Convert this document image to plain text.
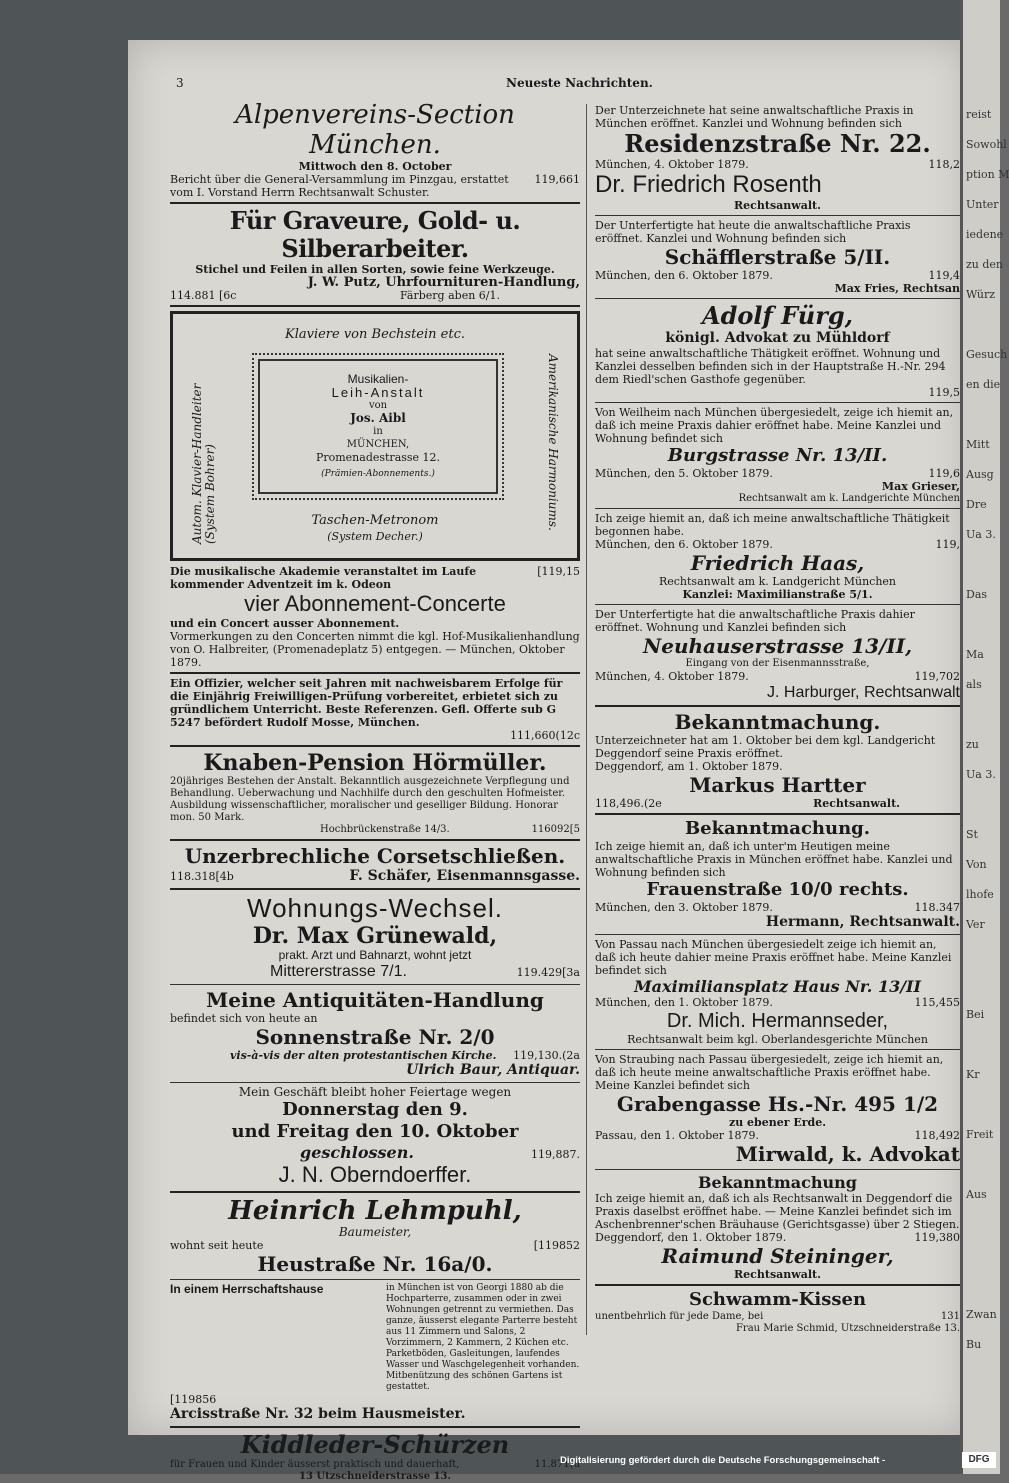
reist
Sowohl
ption M
Unter
iedene
zu den
Würz

Gesuch
en die

Mitt
Ausg
Dre
Ua 3.

Das

Ma
als

zu
Ua 3.

St
Von
lhofe
Ver

Bei

Kr

Freit

Aus

Zwan
Bu
3	Neueste Nachrichten.
Alpenvereins-Section München.
Mittwoch den 8. October
Bericht über die General-Versammlung im Pinzgau, erstattet vom I. Vorstand Herrn Rechtsanwalt Schuster.
119,661
Für Graveure, Gold- u. Silberarbeiter.
Stichel und Feilen in allen Sorten, sowie feine Werkzeuge.
J. W. Putz, Uhrfournituren-Handlung,
114.881 [6c	Färberg aben 6/1.
Klaviere von Bechstein etc.
Autom. Klavier-Handleiter (System Bohrer)	Amerikanische Harmoniums.
Musikalien-
Leih-Anstalt
von
Jos. Aibl
in
MÜNCHEN,
Promenadestrasse 12.
(Prämien-Abonnements.)
Taschen-Metronom
(System Decher.)
Die musikalische Akademie veranstaltet im Laufe kommender Adventzeit im k. Odeon
[119,15
vier Abonnement-Concerte
und ein Concert ausser Abonnement.
Vormerkungen zu den Concerten nimmt die kgl. Hof-Musikalienhandlung von O. Halbreiter, (Promenadeplatz 5) entgegen. — München, Oktober 1879.
Ein Offizier, welcher seit Jahren mit nachweisbarem Erfolge für die Einjährig Freiwilligen-Prüfung vorbereitet, erbietet sich zu gründlichem Unterricht. Beste Referenzen. Gefl. Offerte sub G 5247 befördert Rudolf Mosse, München.
111,660(12c
Knaben-Pension Hörmüller.
20jähriges Bestehen der Anstalt. Bekanntlich ausgezeichnete Verpflegung und Behandlung. Ueberwachung und Nachhilfe durch den geschulten Hofmeister. Ausbildung wissenschaftlicher, moralischer und geselliger Bildung. Honorar mon. 50 Mark.
Hochbrückenstraße 14/3.	116092[5
Unzerbrechliche Corsetschließen.
118.318[4b	F. Schäfer, Eisenmannsgasse.
Wohnungs-Wechsel.
Dr. Max Grünewald,
prakt. Arzt und Bahnarzt, wohnt jetzt
Mittererstrasse 7/1.	119.429[3a
Meine Antiquitäten-Handlung
befindet sich von heute an
Sonnenstraße Nr. 2/0
vis-à-vis der alten protestantischen Kirche. 119,130.(2a
Ulrich Baur, Antiquar.
Mein Geschäft bleibt hoher Feiertage wegen
Donnerstag den 9.
und Freitag den 10. Oktober
geschlossen.	119,887.
J. N. Oberndoerffer.
Heinrich Lehmpuhl,
Baumeister,
wohnt seit heute	[119852
Heustraße Nr. 16a/0.
In einem Herrschaftshause	in München ist von Georgi 1880 ab die Hochparterre, zusammen oder in zwei Wohnungen getrennt zu vermiethen. Das ganze, äusserst elegante Parterre besteht aus 11 Zimmern und Salons, 2 Vorzimmern, 2 Kammern, 2 Küchen etc. Parketböden, Gasleitungen, laufendes Wasser und Waschgelegenheit vorhanden. Mitbenützung des schönen Gartens ist gestattet.
[119856
Arcisstraße Nr. 32 beim Hausmeister.
Kiddleder-Schürzen
für Frauen und Kinder äusserst praktisch und dauerhaft,	11.871(u
13 Utzschneiderstrasse 13.
Der Unterzeichnete hat seine anwaltschaftliche Praxis in München eröffnet. Kanzlei und Wohnung befinden sich
Residenzstraße Nr. 22.
München, 4. Oktober 1879.	118,2
Dr. Friedrich Rosenth
Rechtsanwalt.
Der Unterfertigte hat heute die anwaltschaftliche Praxis eröffnet. Kanzlei und Wohnung befinden sich
Schäfflerstraße 5/II.
München, den 6. Oktober 1879.	119,4
Max Fries, Rechtsan
Adolf Fürg,
königl. Advokat zu Mühldorf
hat seine anwaltschaftliche Thätigkeit eröffnet. Wohnung und Kanzlei desselben befinden sich in der Hauptstraße H.-Nr. 294 dem Riedl'schen Gasthofe gegenüber.
119,5
Von Weilheim nach München übergesiedelt, zeige ich hiemit an, daß ich meine Praxis dahier eröffnet habe. Meine Kanzlei und Wohnung befindet sich
Burgstrasse Nr. 13/II.
München, den 5. Oktober 1879.	119,6
Max Grieser,
Rechtsanwalt am k. Landgerichte München
Ich zeige hiemit an, daß ich meine anwaltschaftliche Thätigkeit begonnen habe.
München, den 6. Oktober 1879.	119,
Friedrich Haas,
Rechtsanwalt am k. Landgericht München
Kanzlei: Maximilianstraße 5/1.
Der Unterfertigte hat die anwaltschaftliche Praxis dahier eröffnet. Wohnung und Kanzlei befinden sich
Neuhauserstrasse 13/II,
Eingang von der Eisenmannsstraße,
München, 4. Oktober 1879.	119,702
J. Harburger, Rechtsanwalt
Bekanntmachung.
Unterzeichneter hat am 1. Oktober bei dem kgl. Landgericht Deggendorf seine Praxis eröffnet.
Deggendorf, am 1. Oktober 1879.
Markus Hartter
118,496.(2e	Rechtsanwalt.
Bekanntmachung.
Ich zeige hiemit an, daß ich unter'm Heutigen meine anwaltschaftliche Praxis in München eröffnet habe. Kanzlei und Wohnung befinden sich
Frauenstraße 10/0 rechts.
München, den 3. Oktober 1879.	118.347
Hermann, Rechtsanwalt.
Von Passau nach München übergesiedelt zeige ich hiemit an, daß ich heute dahier meine Praxis eröffnet habe. Meine Kanzlei befindet sich
Maximiliansplatz Haus Nr. 13/II
München, den 1. Oktober 1879.	115,455
Dr. Mich. Hermannseder,
Rechtsanwalt beim kgl. Oberlandesgerichte München
Von Straubing nach Passau übergesiedelt, zeige ich hiemit an, daß ich heute meine anwaltschaftliche Praxis eröffnet habe. Meine Kanzlei befindet sich
Grabengasse Hs.-Nr. 495 1/2
zu ebener Erde.
Passau, den 1. Oktober 1879.	118,492
Mirwald, k. Advokat
Bekanntmachung
Ich zeige hiemit an, daß ich als Rechtsanwalt in Deggendorf die Praxis daselbst eröffnet habe. — Meine Kanzlei befindet sich im Aschenbrenner'schen Bräuhause (Gerichtsgasse) über 2 Stiegen.
Deggendorf, den 1. Oktober 1879.	119,380
Raimund Steininger,
Rechtsanwalt.
Schwamm-Kissen
unentbehrlich für jede Dame, bei	131
Frau Marie Schmid, Utzschneiderstraße 13.
Digitalisierung gefördert durch die Deutsche Forschungsgemeinschaft -	DFG
